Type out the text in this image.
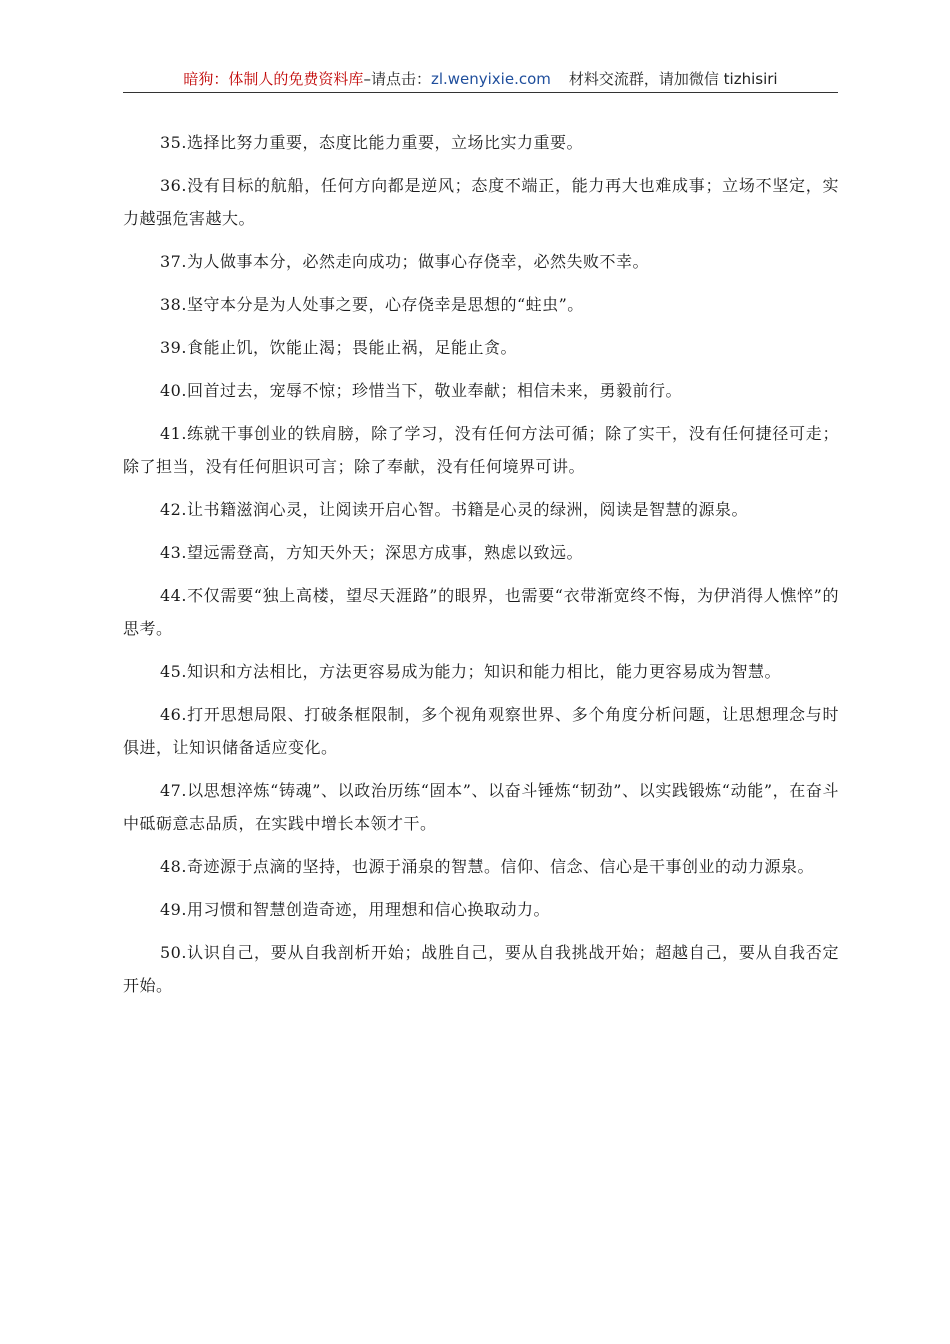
暗狗：体制人的免费资料库–请点击：zl.wenyixie.com 材料交流群，请加微信 tizhisiri

35.选择比努力重要，态度比能力重要，立场比实力重要。

36.没有目标的航船，任何方向都是逆风；态度不端正，能力再大也难成事；立场不坚定，实力越强危害越大。

37.为人做事本分，必然走向成功；做事心存侥幸，必然失败不幸。

38.坚守本分是为人处事之要，心存侥幸是思想的“蛀虫”。

39.食能止饥，饮能止渴；畏能止祸，足能止贪。

40.回首过去，宠辱不惊；珍惜当下，敬业奉献；相信未来，勇毅前行。

41.练就干事创业的铁肩膀，除了学习，没有任何方法可循；除了实干，没有任何捷径可走；除了担当，没有任何胆识可言；除了奉献，没有任何境界可讲。

42.让书籍滋润心灵，让阅读开启心智。书籍是心灵的绿洲，阅读是智慧的源泉。

43.望远需登高，方知天外天；深思方成事，熟虑以致远。

44.不仅需要“独上高楼，望尽天涯路”的眼界，也需要“衣带渐宽终不悔，为伊消得人憔悴”的思考。

45.知识和方法相比，方法更容易成为能力；知识和能力相比，能力更容易成为智慧。

46.打开思想局限、打破条框限制，多个视角观察世界、多个角度分析问题，让思想理念与时俱进，让知识储备适应变化。

47.以思想淬炼“铸魂”、以政治历练“固本”、以奋斗锤炼“韧劲”、以实践锻炼“动能”，在奋斗中砥砺意志品质，在实践中增长本领才干。

48.奇迹源于点滴的坚持，也源于涌泉的智慧。信仰、信念、信心是干事创业的动力源泉。

49.用习惯和智慧创造奇迹，用理想和信心换取动力。

50.认识自己，要从自我剖析开始；战胜自己，要从自我挑战开始；超越自己，要从自我否定开始。
